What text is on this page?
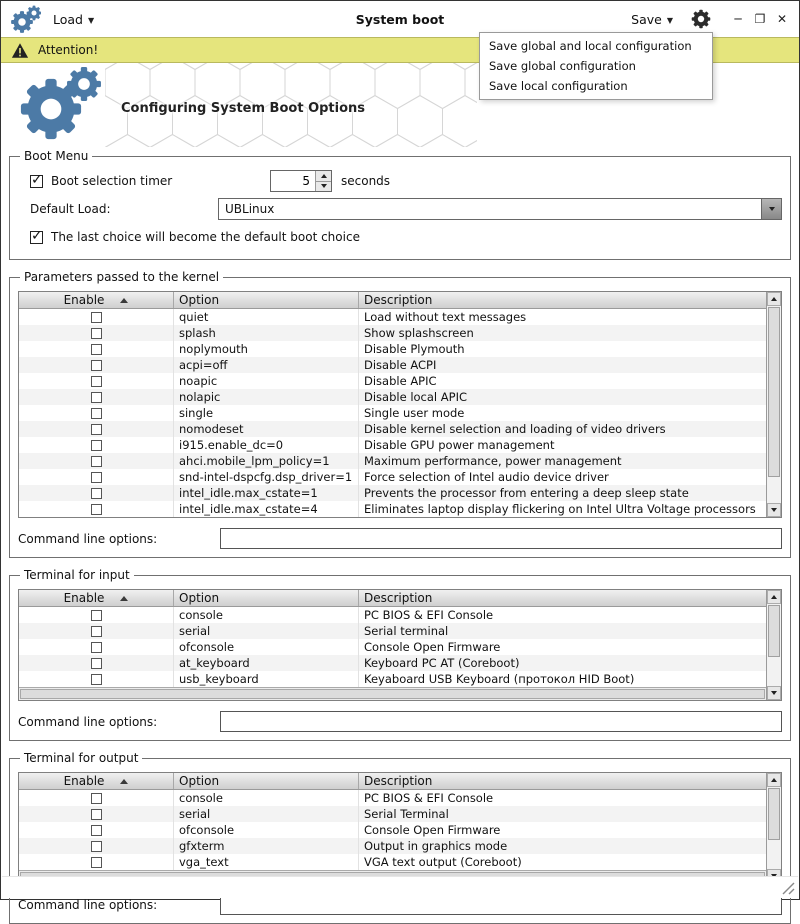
Load ▼	System boot	Save ▼	─ ❐ ✕
Attention!	Save global and local configuration
Save global configuration
Save local configuration
Configuring System Boot Options
Boot Menu
✓
Boot selection timer
5	seconds
Default Load:	UBLinux
✓
The last choice will become the default boot choice
Parameters passed to the kernel
Enable	Option	Description
quiet	Load without text messages
splash	Show splashscreen
noplymouth	Disable Plymouth
acpi=off	Disable ACPI
noapic	Disable APIC
nolapic	Disable local APIC
single	Single user mode
nomodeset	Disable kernel selection and loading of video drivers
i915.enable_dc=0	Disable GPU power management
ahci.mobile_lpm_policy=1	Maximum performance, power management
snd-intel-dspcfg.dsp_driver=1	Force selection of Intel audio device driver
intel_idle.max_cstate=1	Prevents the processor from entering a deep sleep state
intel_idle.max_cstate=4	Eliminates laptop display flickering on Intel Ultra Voltage processors
Command line options:
Terminal for input
Enable	Option	Description
console	PC BIOS & EFI Console
serial	Serial terminal
ofconsole	Console Open Firmware
at_keyboard	Keyboard PC AT (Coreboot)
usb_keyboard	Keyaboard USB Keyboard (протокол HID Boot)
Command line options:
Terminal for output
Enable	Option	Description
console	PC BIOS & EFI Console
serial	Serial Terminal
ofconsole	Console Open Firmware
gfxterm	Output in graphics mode
vga_text	VGA text output (Coreboot)
Command line options:
